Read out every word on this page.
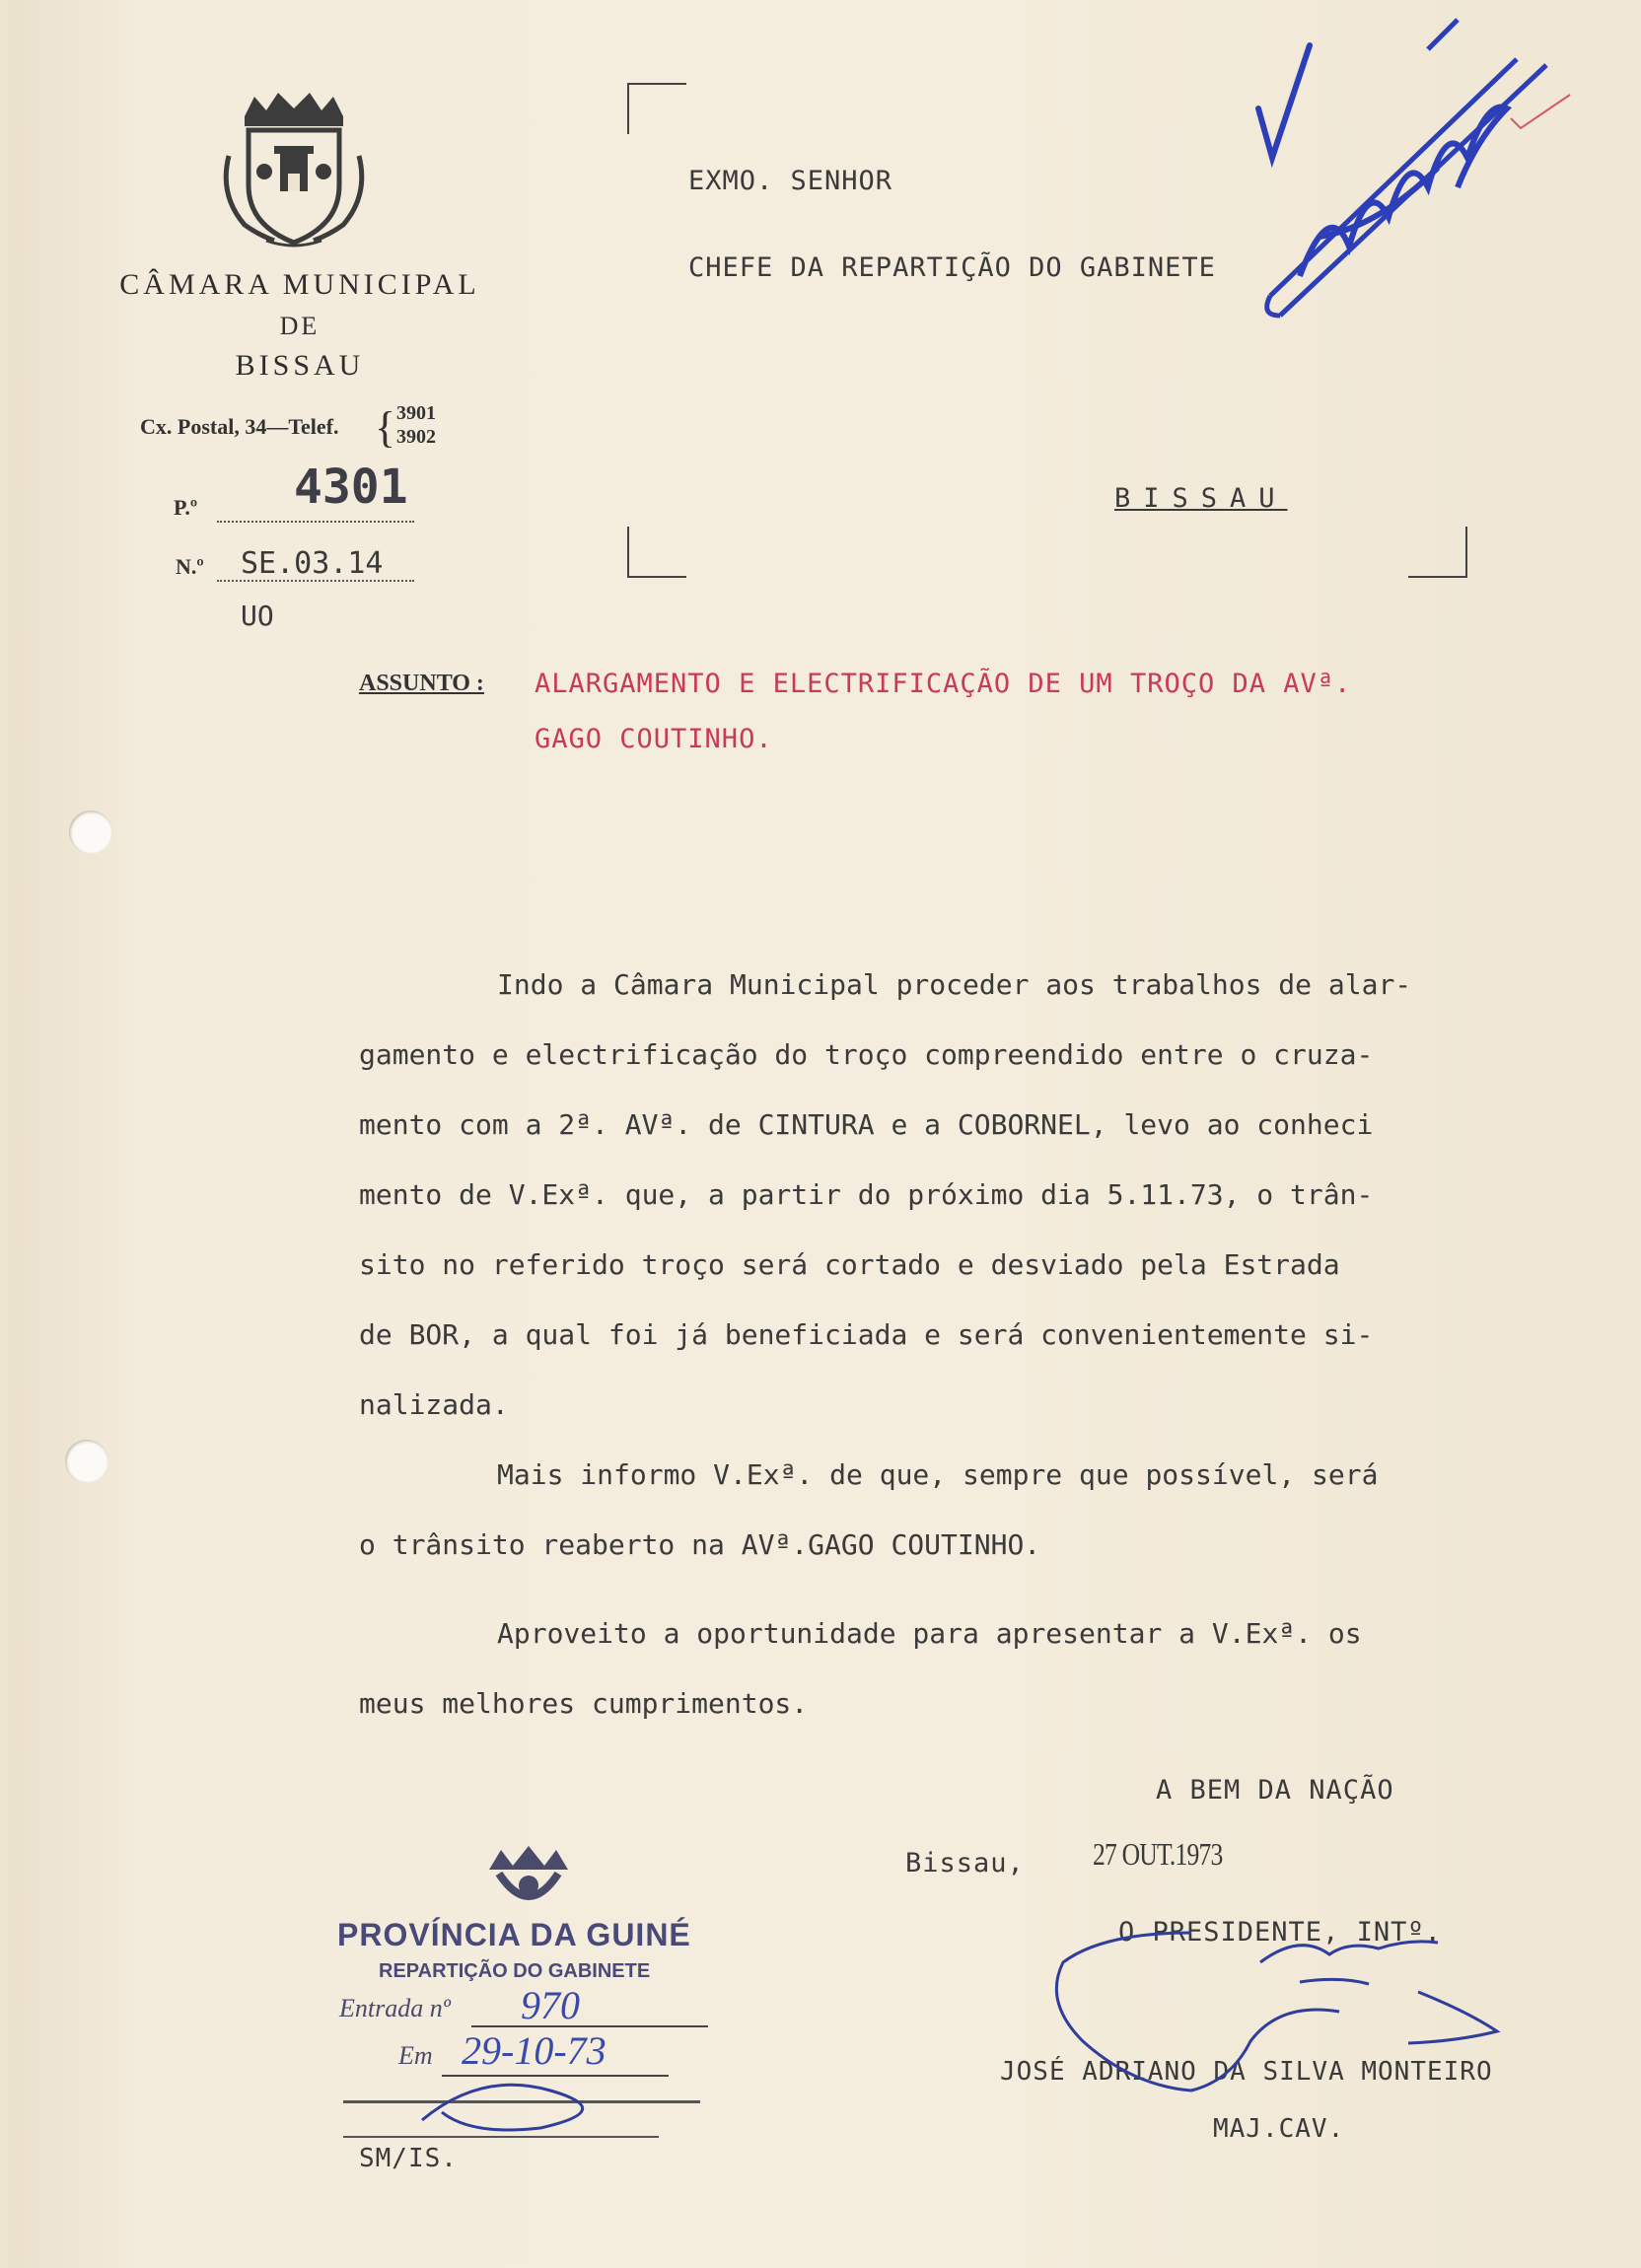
CÂMARA MUNICIPAL
DE
BISSAU
Cx. Postal, 34—Telef. { 3901
3902
P.º 4301
N.º SE.03.14
UO
EXMO. SENHOR
CHEFE DA REPARTIÇÃO DO GABINETE
BISSAU
ASSUNTO : ALARGAMENTO E ELECTRIFICAÇÃO DE UM TROÇO DA AVª.
GAGO COUTINHO.
Indo a Câmara Municipal proceder aos trabalhos de alar-
gamento e electrificação do troço compreendido entre o cruza-
mento com a 2ª. AVª. de CINTURA e a COBORNEL, levo ao conheci
mento de V.Exª. que, a partir do próximo dia 5.11.73, o trân-
sito no referido troço será cortado e desviado pela Estrada
de BOR, a qual foi já beneficiada e será convenientemente si-
nalizada.
Mais informo V.Exª. de que, sempre que possível, será
o trânsito reaberto na AVª.GAGO COUTINHO.
Aproveito a oportunidade para apresentar a V.Exª. os
meus melhores cumprimentos.
A BEM DA NAÇÃO
Bissau, 27 OUT.1973
O PRESIDENTE, INTº.
JOSÉ ADRIANO DA SILVA MONTEIRO
MAJ.CAV.
PROVÍNCIA DA GUINÉ
REPARTIÇÃO DO GABINETE
Entrada nº 970
Em 29-10-73
SM/IS.
